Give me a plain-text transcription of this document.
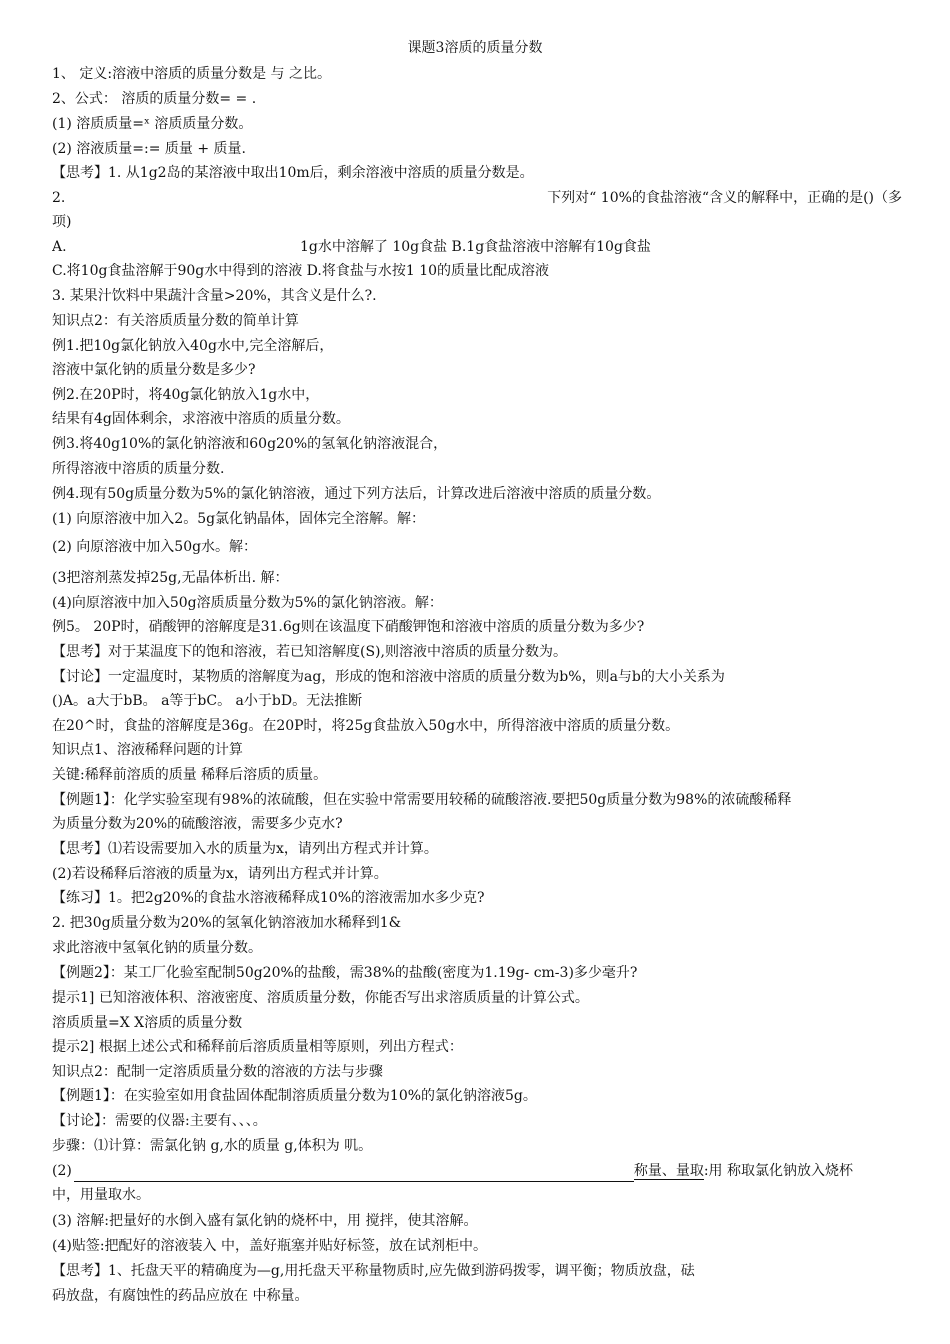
课题3溶质的质量分数
1、 定义:溶液中溶质的质量分数是 与 之比。
2、公式： 溶质的质量分数= = .
(1) 溶质质量=ˣ 溶质质量分数。
(2) 溶液质量=:= 质量 + 质量.
【思考】1. 从1g2岛的某溶液中取出10m后，剩余溶液中溶质的质量分数是。
2.	下列对“ 10%的食盐溶液“含义的解释中，正确的是()（多
项)
A.	1g水中溶解了 10g食盐 B.1g食盐溶液中溶解有10g食盐
C.将10g食盐溶解于90g水中得到的溶液 D.将食盐与水按1 10的质量比配成溶液
3. 某果汁饮料中果蔬汁含量>20%，其含义是什么?.
知识点2：有关溶质质量分数的简单计算
例1.把10g氯化钠放入40g水中,完全溶解后，
溶液中氯化钠的质量分数是多少?
例2.在20P时，将40g氯化钠放入1g水中，
结果有4g固体剩余，求溶液中溶质的质量分数。
例3.将40g10%的氯化钠溶液和60g20%的氢氧化钠溶液混合，
所得溶液中溶质的质量分数.
例4.现有50g质量分数为5%的氯化钠溶液，通过下列方法后，计算改进后溶液中溶质的质量分数。
(1) 向原溶液中加入2。5g氯化钠晶体，固体完全溶解。解：
(2) 向原溶液中加入50g水。解：
(3把溶剂蒸发掉25g,无晶体析出. 解：
(4)向原溶液中加入50g溶质质量分数为5%的氯化钠溶液。解：
例5。 20P时，硝酸钾的溶解度是31.6g则在该温度下硝酸钾饱和溶液中溶质的质量分数为多少?
【思考】对于某温度下的饱和溶液，若已知溶解度(S),则溶液中溶质的质量分数为。
【讨论】一定温度时，某物质的溶解度为ag，形成的饱和溶液中溶质的质量分数为b%，则a与b的大小关系为
()A。a大于bB。 a等于bC。 a小于bD。无法推断
在20^时，食盐的溶解度是36g。在20P时，将25g食盐放入50g水中，所得溶液中溶质的质量分数。
知识点1、溶液稀释问题的计算
关键:稀释前溶质的质量 稀释后溶质的质量。
【例题1】：化学实验室现有98%的浓硫酸，但在实验中常需要用较稀的硫酸溶液.要把50g质量分数为98%的浓硫酸稀释
为质量分数为20%的硫酸溶液，需要多少克水?
【思考】⑴若设需要加入水的质量为x，请列出方程式并计算。
(2)若设稀释后溶液的质量为x，请列出方程式并计算。
【练习】1。把2g20%的食盐水溶液稀释成10%的溶液需加水多少克?
2. 把30g质量分数为20%的氢氧化钠溶液加水稀释到1&
求此溶液中氢氧化钠的质量分数。
【例题2】：某工厂化验室配制50g20%的盐酸，需38%的盐酸(密度为1.19g- cm-3)多少毫升?
提示1] 已知溶液体积、溶液密度、溶质质量分数，你能否写出求溶质质量的计算公式。
溶质质量=X X溶质的质量分数
提示2] 根据上述公式和稀释前后溶质质量相等原则，列出方程式：
知识点2：配制一定溶质质量分数的溶液的方法与步骤
【例题1】：在实验室如用食盐固体配制溶质质量分数为10%的氯化钠溶液5g。
【讨论】：需要的仪器:主要有、、、。
步骤：⑴计算：需氯化钠 g,水的质量 g,体积为 叽。
(2)	称量、量取:用 称取氯化钠放入烧杯
中，用量取水。
(3) 溶解:把量好的水倒入盛有氯化钠的烧杯中，用 搅拌，使其溶解。
(4)贴签:把配好的溶液装入 中，盖好瓶塞并贴好标签，放在试剂柜中。
【思考】1、托盘天平的精确度为—g,用托盘天平称量物质时,应先做到游码拨零，调平衡；物质放盘，砝
码放盘，有腐蚀性的药品应放在 中称量。
